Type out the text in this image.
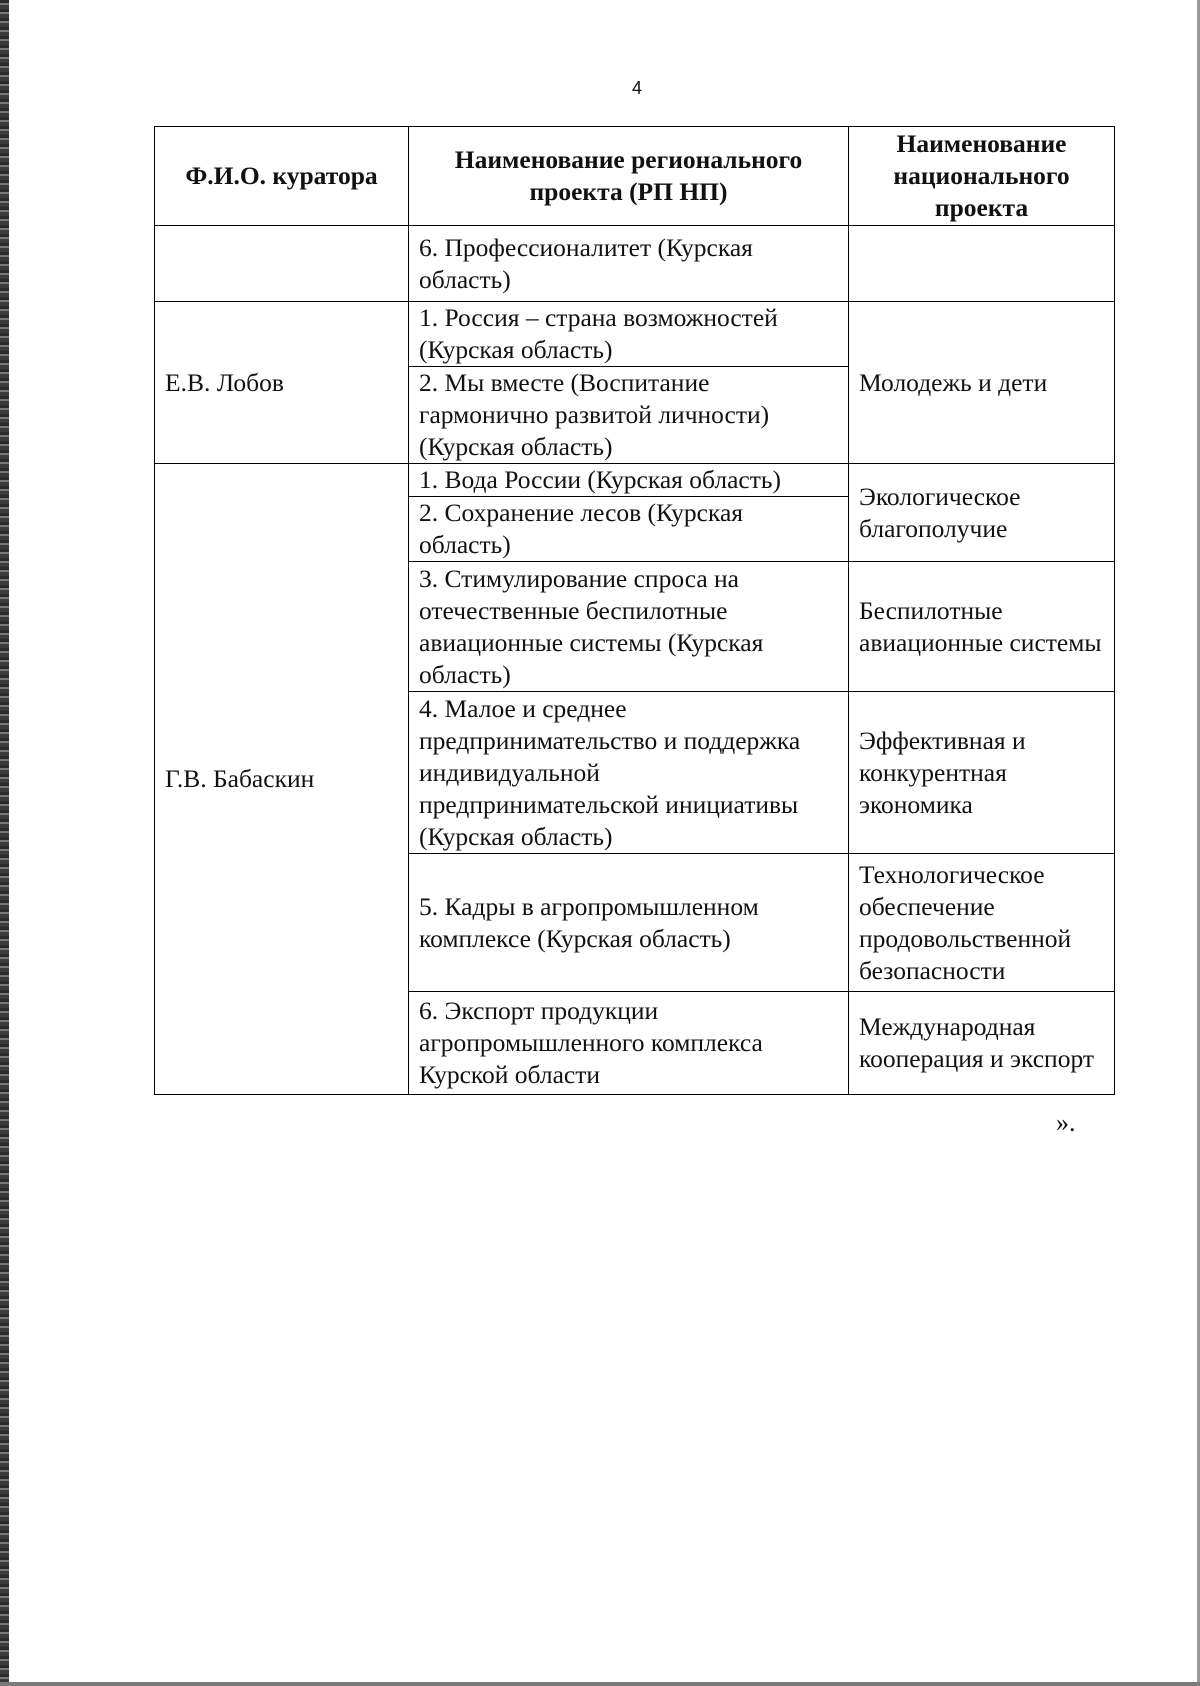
4
Ф.И.О. куратора	Наименование регионального проекта (РП НП)	Наименование национального проекта
	6. Профессионалитет (Курская область)	
Е.В. Лобов	1. Россия – страна возможностей (Курская область)	Молодежь и дети
	2. Мы вместе (Воспитание гармонично развитой личности) (Курская область)	
Г.В. Бабаскин	1. Вода России (Курская область)	Экологическое благополучие
	2. Сохранение лесов (Курская область)	
	3. Стимулирование спроса на отечественные беспилотные авиационные системы (Курская область)	Беспилотные авиационные системы
	4. Малое и среднее предпринимательство и поддержка индивидуальной предпринимательской инициативы (Курская область)	Эффективная и конкурентная экономика
	5. Кадры в агропромышленном комплексе (Курская область)	Технологическое обеспечение продовольственной безопасности
	6. Экспорт продукции агропромышленного комплекса Курской области	Международная кооперация и экспорт
».
